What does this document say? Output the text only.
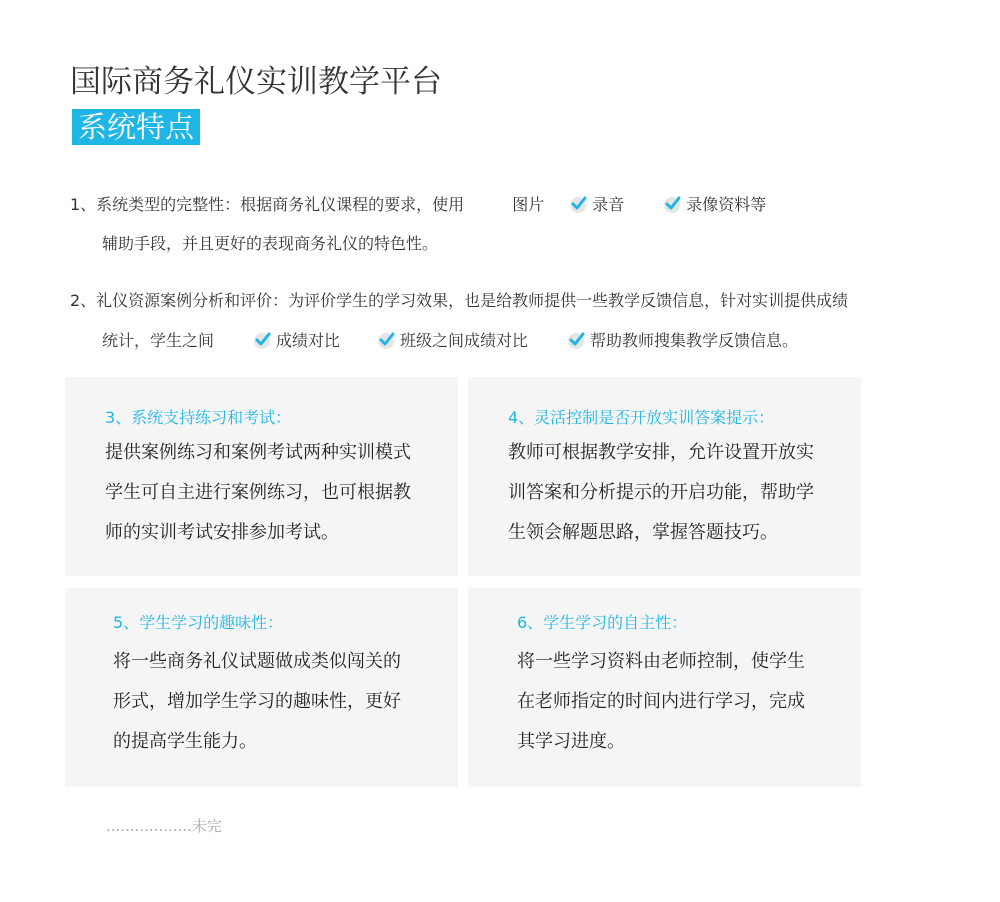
国际商务礼仪实训教学平台
系统特点
1、系统类型的完整性：根据商务礼仪课程的要求，使用	图片	录音	录像资料等
辅助手段，并且更好的表现商务礼仪的特色性。
2、礼仪资源案例分析和评价：为评价学生的学习效果，也是给教师提供一些教学反馈信息，针对实训提供成绩
统计，学生之间	成绩对比	班级之间成绩对比	帮助教师搜集教学反馈信息。
3、系统支持练习和考试：
提供案例练习和案例考试两种实训模式
学生可自主进行案例练习，也可根据教
师的实训考试安排参加考试。
4、灵活控制是否开放实训答案提示：
教师可根据教学安排，允许设置开放实
训答案和分析提示的开启功能，帮助学
生领会解题思路，掌握答题技巧。
5、学生学习的趣味性：
将一些商务礼仪试题做成类似闯关的
形式，增加学生学习的趣味性，更好
的提高学生能力。
6、学生学习的自主性：
将一些学习资料由老师控制，使学生
在老师指定的时间内进行学习，完成
其学习进度。
..................未完
